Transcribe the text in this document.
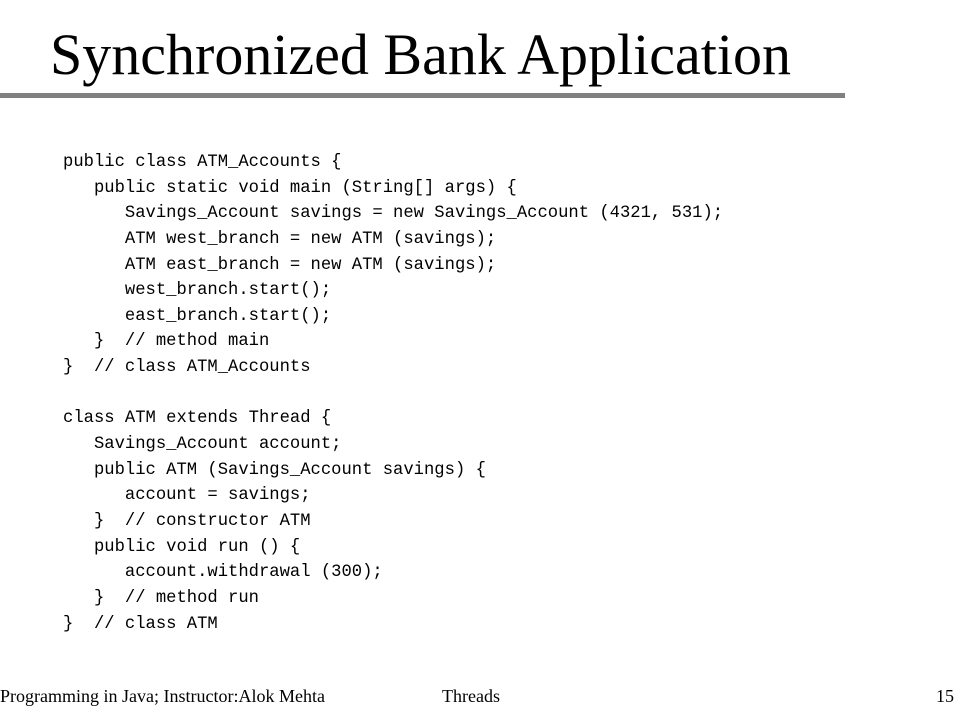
Synchronized Bank Application
public class ATM_Accounts {
public static void main (String[] args) {
Savings_Account savings = new Savings_Account (4321, 531);
ATM west_branch = new ATM (savings);
ATM east_branch = new ATM (savings);
west_branch.start();
east_branch.start();
}  // method main
}  // class ATM_Accounts
class ATM extends Thread {
Savings_Account account;
public ATM (Savings_Account savings) {
account = savings;
}  // constructor ATM
public void run () {
account.withdrawal (300);
}  // method run
}  // class ATM
Programming in Java; Instructor:Alok Mehta	Threads	15
